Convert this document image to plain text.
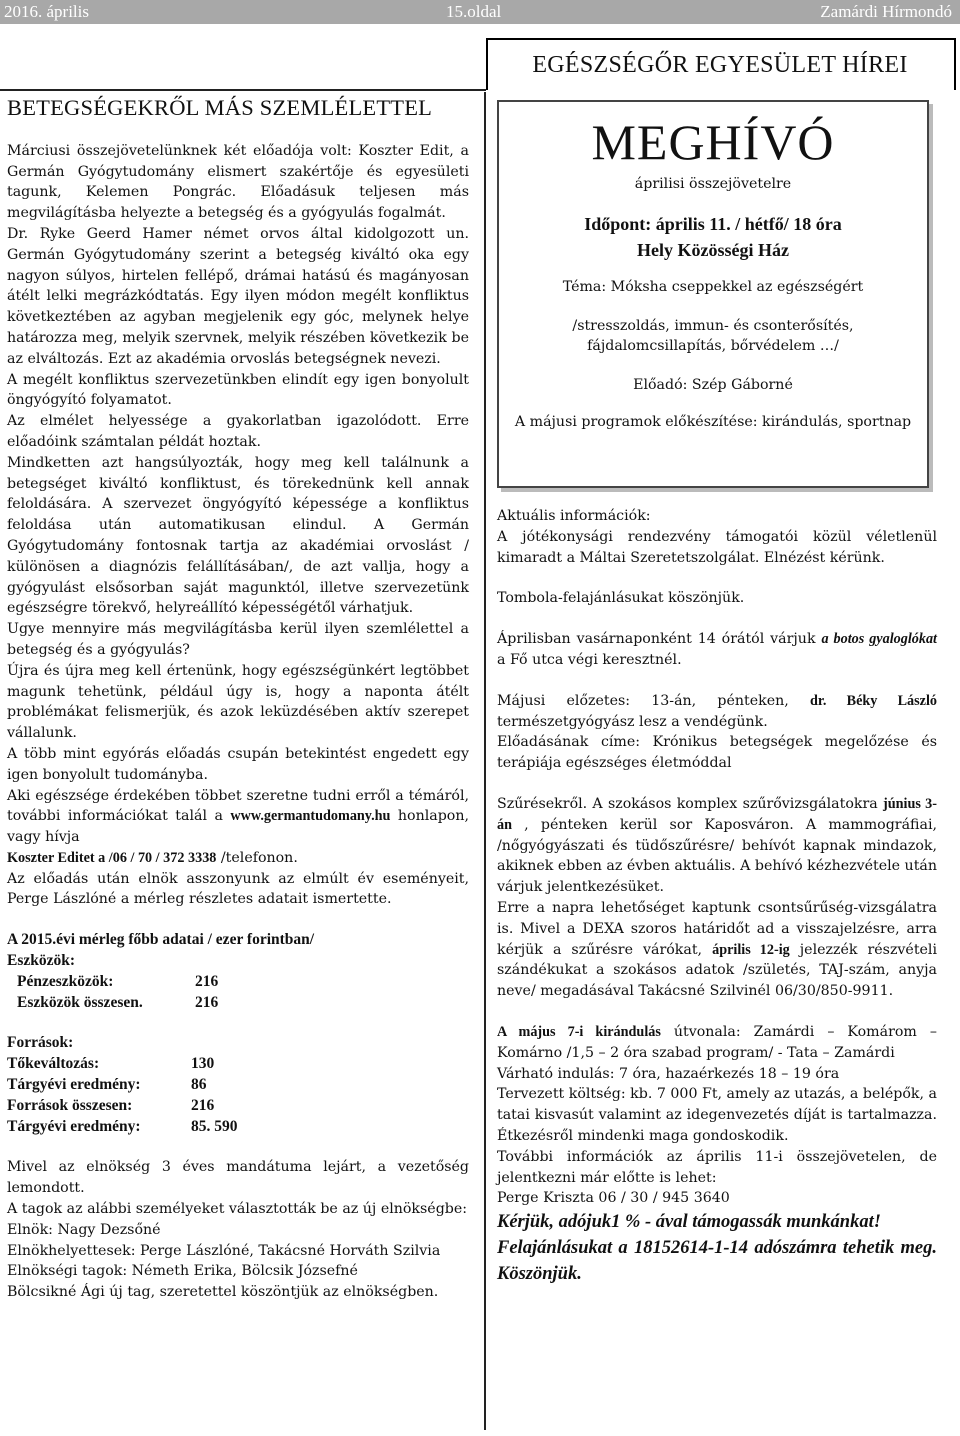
2016. április	15.oldal	Zamárdi Hírmondó
EGÉSZSÉGŐR EGYESÜLET HÍREI
BETEGSÉGEKRŐL MÁS SZEMLÉLETTEL

Márciusi összejövetelünknek két előadója volt: Koszter Edit, a Germán Gyógytudomány elismert szakértője és egyesületi tagunk, Kelemen Pongrác. Előadásuk teljesen más megvilágításba helyezte a betegség és a gyógyulás fogalmát.

Dr. Ryke Geerd Hamer német orvos által kidolgozott un. Germán Gyógytudomány szerint a betegség kiváltó oka egy nagyon súlyos, hirtelen fellépő, drámai hatású és magányosan átélt lelki megrázkódtatás. Egy ilyen módon megélt konfliktus következtében az agyban megjelenik egy góc, melynek helye határozza meg, melyik szervnek, melyik részében következik be az elváltozás. Ezt az akadémia orvoslás betegségnek nevezi.

A megélt konfliktus szervezetünkben elindít egy igen bonyolult öngyógyító folyamatot.

Az elmélet helyessége a gyakorlatban igazolódott. Erre előadóink számtalan példát hoztak.

Mindketten azt hangsúlyozták, hogy meg kell találnunk a betegséget kiváltó konfliktust, és törekednünk kell annak feloldására. A szervezet öngyógyító képessége a konfliktus feloldása után automatikusan elindul. A Germán Gyógytudomány fontosnak tartja az akadémiai orvoslást / különösen a diagnózis felállításában/, de azt vallja, hogy a gyógyulást elsősorban saját magunktól, illetve szervezetünk egészségre törekvő, helyreállító képességétől várhatjuk.

Ugye mennyire más megvilágításba kerül ilyen szemlélettel a betegség és a gyógyulás?

Újra és újra meg kell értenünk, hogy egészségünkért legtöbbet magunk tehetünk, például úgy is, hogy a naponta átélt problémákat felismerjük, és azok leküzdésében aktív szerepet vállalunk.

A több mint egyórás előadás csupán betekintést engedett egy igen bonyolult tudományba.

Aki egészsége érdekében többet szeretne tudni erről a témáról, további információkat talál a www.germantudomany.hu honlapon, vagy hívja

Koszter Editet a /06 / 70 / 372 3338 /telefonon.

Az előadás után elnök asszonyunk az elmúlt év eseményeit, Perge Lászlóné a mérleg részletes adatait ismertette.

A 2015.évi mérleg főbb adatai / ezer forintban/
Eszközök:
Pénzeszközök:	216
Eszközök összesen.	216
Források:
Tőkeváltozás:	130
Tárgyévi eredmény:	86
Források összesen:	216
Tárgyévi eredmény:	85. 590

Mivel az elnökség 3 éves mandátuma lejárt, a vezetőség lemondott.

A tagok az alábbi személyeket választották be az új elnökségbe:

Elnök: Nagy Dezsőné

Elnökhelyettesek: Perge Lászlóné, Takácsné Horváth Szilvia

Elnökségi tagok: Németh Erika, Bölcsik Józsefné

Bölcsikné Ági új tag, szeretettel köszöntjük az elnökségben.

MEGHÍVÓ
áprilisi összejövetelre
Időpont: április 11. / hétfő/ 18 óra
Hely Közösségi Ház
Téma: Móksha cseppekkel az egészségért
/stresszoldás, immun- és csonterősítés, fájdalomcsillapítás, bőrvédelem …/
Előadó: Szép Gáborné
A májusi programok előkészítése: kirándulás, sportnap

Aktuális információk:

A jótékonysági rendezvény támogatói közül véletlenül kimaradt a Máltai Szeretetszolgálat. Elnézést kérünk.

Tombola-felajánlásukat köszönjük.

Áprilisban vasárnaponként 14 órától várjuk a botos gyaloglókat a Fő utca végi keresztnél.

Májusi előzetes: 13-án, pénteken, dr. Béky László természetgyógyász lesz a vendégünk.

Előadásának címe: Krónikus betegségek megelőzése és terápiája egészséges életmóddal

Szűrésekről. A szokásos komplex szűrővizsgálatokra június 3-án , pénteken kerül sor Kaposváron. A mammográfiai, /nőgyógyászati és tüdőszűrésre/ behívót kapnak mindazok, akiknek ebben az évben aktuális. A behívó kézhezvétele után várjuk jelentkezésüket.

Erre a napra lehetőséget kaptunk csontsűrűség-vizsgálatra is. Mivel a DEXA szoros határidőt ad a visszajelzésre, arra kérjük a szűrésre várókat, április 12-ig jelezzék részvételi szándékukat a szokásos adatok /születés, TAJ-szám, anyja neve/ megadásával Takácsné Szilvinél 06/30/850-9911.

A május 7-i kirándulás útvonala: Zamárdi – Komárom – Komárno /1,5 – 2 óra szabad program/ - Tata – Zamárdi

Várható indulás: 7 óra, hazaérkezés 18 – 19 óra

Tervezett költség: kb. 7 000 Ft, amely az utazás, a belépők, a tatai kisvasút valamint az idegenvezetés díját is tartalmazza. Étkezésről mindenki maga gondoskodik.

További információk az április 11-i összejövetelen, de jelentkezni már előtte is lehet:

Perge Kriszta 06 / 30 / 945 3640

Kérjük, adójuk1 % - ával támogassák munkánkat!

Felajánlásukat a 18152614-1-14 adószámra tehetik meg. Köszönjük.
